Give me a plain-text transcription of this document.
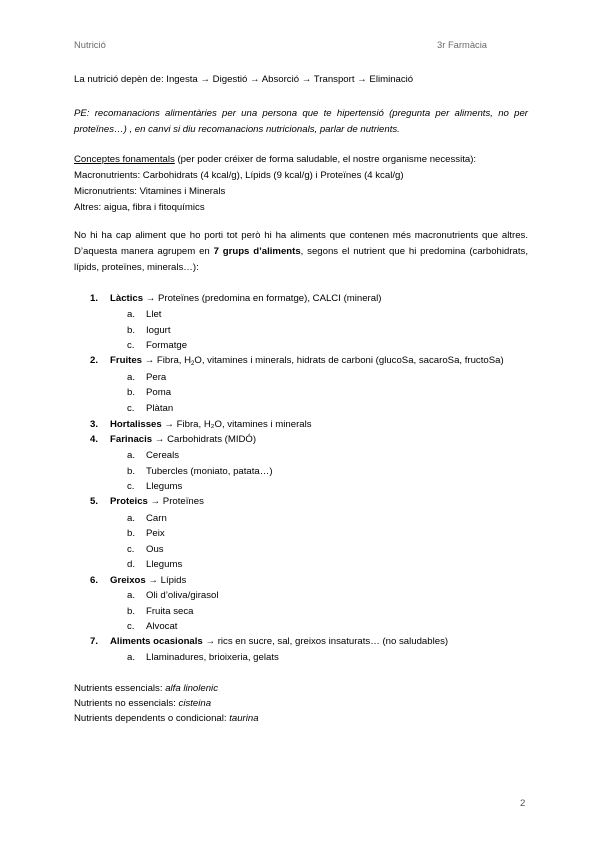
Nutrició	3r Farmàcia
La nutrició depèn de: Ingesta → Digestió → Absorció → Transport → Eliminació
PE: recomanacions alimentàries per una persona que te hipertensió (pregunta per aliments, no per proteïnes…) , en canvi si diu recomanacions nutricionals, parlar de nutrients.
Conceptes fonamentals (per poder créixer de forma saludable, el nostre organisme necessita):
Macronutrients: Carbohidrats (4 kcal/g), Lípids (9 kcal/g) i Proteïnes (4 kcal/g)
Micronutrients: Vitamines i Minerals
Altres: aigua, fibra i fitoquímics
No hi ha cap aliment que ho porti tot però hi ha aliments que contenen més macronutrients que altres. D’aquesta manera agrupem en 7 grups d’aliments, segons el nutrient que hi predomina (carbohidrats, lípids, proteïnes, minerals…):
1. Làctics → Proteïnes (predomina en formatge), CALCI (mineral)
a. Llet
b. Iogurt
c. Formatge
2. Fruites → Fibra, $H_2O$, vitamines i minerals, hidrats de carboni (glucoSa, sacaroSa, fructoSa)
a. Pera
b. Poma
c. Plàtan
3. Hortalisses → Fibra, H₂O, vitamines i minerals
4. Farinacis → Carbohidrats (MIDÓ)
a. Cereals
b. Tubercles (moniato, patata…)
c. Llegums
5. Proteics → Proteïnes
a. Carn
b. Peix
c. Ous
d. Llegums
6. Greixos → Lípids
a. Oli d’oliva/girasol
b. Fruita seca
c. Alvocat
7. Aliments ocasionals → rics en sucre, sal, greixos insaturats… (no saludables)
a. Llaminadures, brioixeria, gelats
Nutrients essencials: alfa linolenic
Nutrients no essencials: cisteina
Nutrients dependents o condicional: taurina
2
